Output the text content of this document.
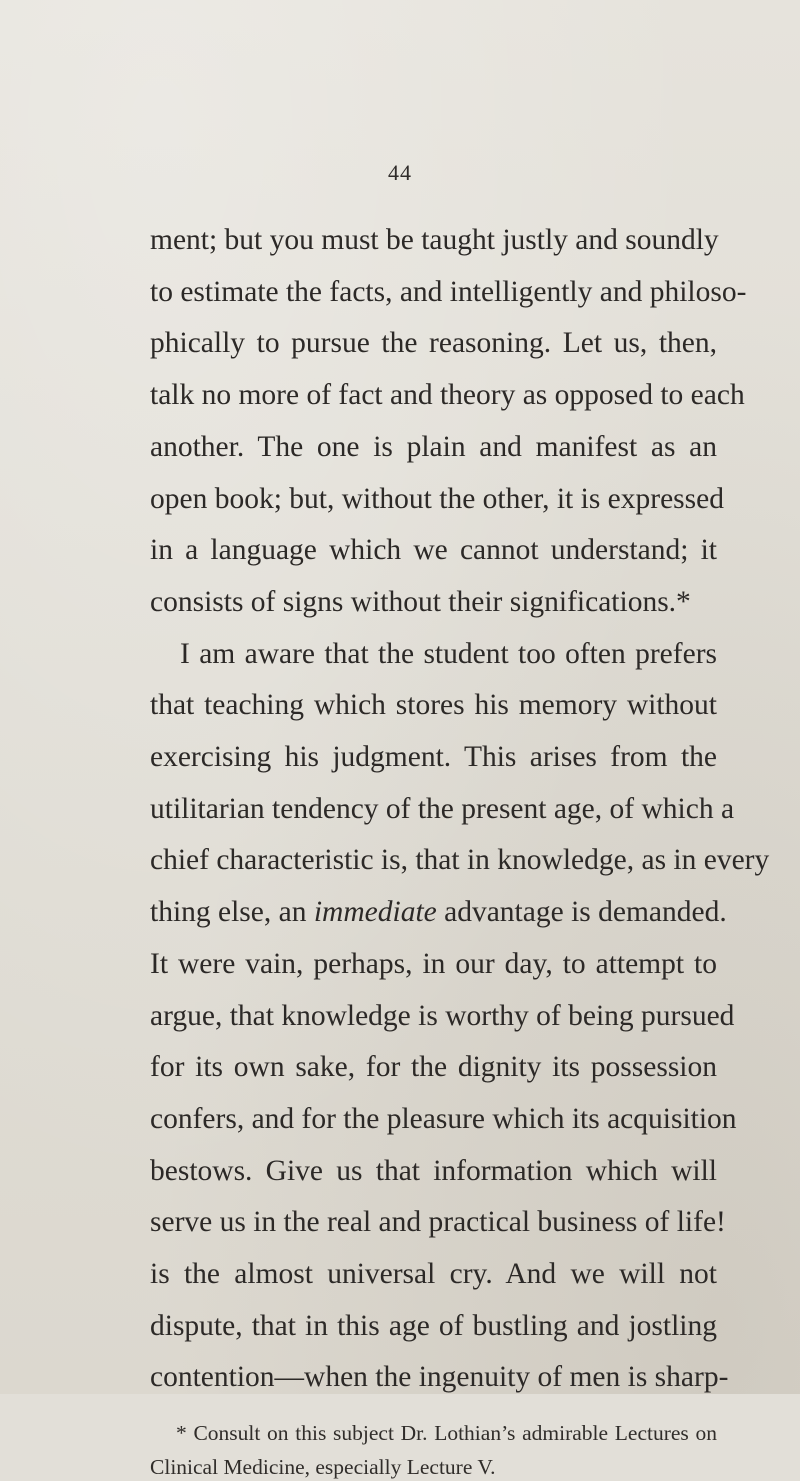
44
ment; but you must be taught justly and soundly
to estimate the facts, and intelligently and philoso-
phically to pursue the reasoning. Let us, then,
talk no more of fact and theory as opposed to each
another. The one is plain and manifest as an
open book; but, without the other, it is expressed
in a language which we cannot understand; it
consists of signs without their significations.*
I am aware that the student too often prefers
that teaching which stores his memory without
exercising his judgment. This arises from the
utilitarian tendency of the present age, of which a
chief characteristic is, that in knowledge, as in every
thing else, an immediate advantage is demanded.
It were vain, perhaps, in our day, to attempt to
argue, that knowledge is worthy of being pursued
for its own sake, for the dignity its possession
confers, and for the pleasure which its acquisition
bestows. Give us that information which will
serve us in the real and practical business of life!
is the almost universal cry. And we will not
dispute, that in this age of bustling and jostling
contention—when the ingenuity of men is sharp-
* Consult on this subject Dr. Lothian’s admirable Lectures on
Clinical Medicine, especially Lecture V.
